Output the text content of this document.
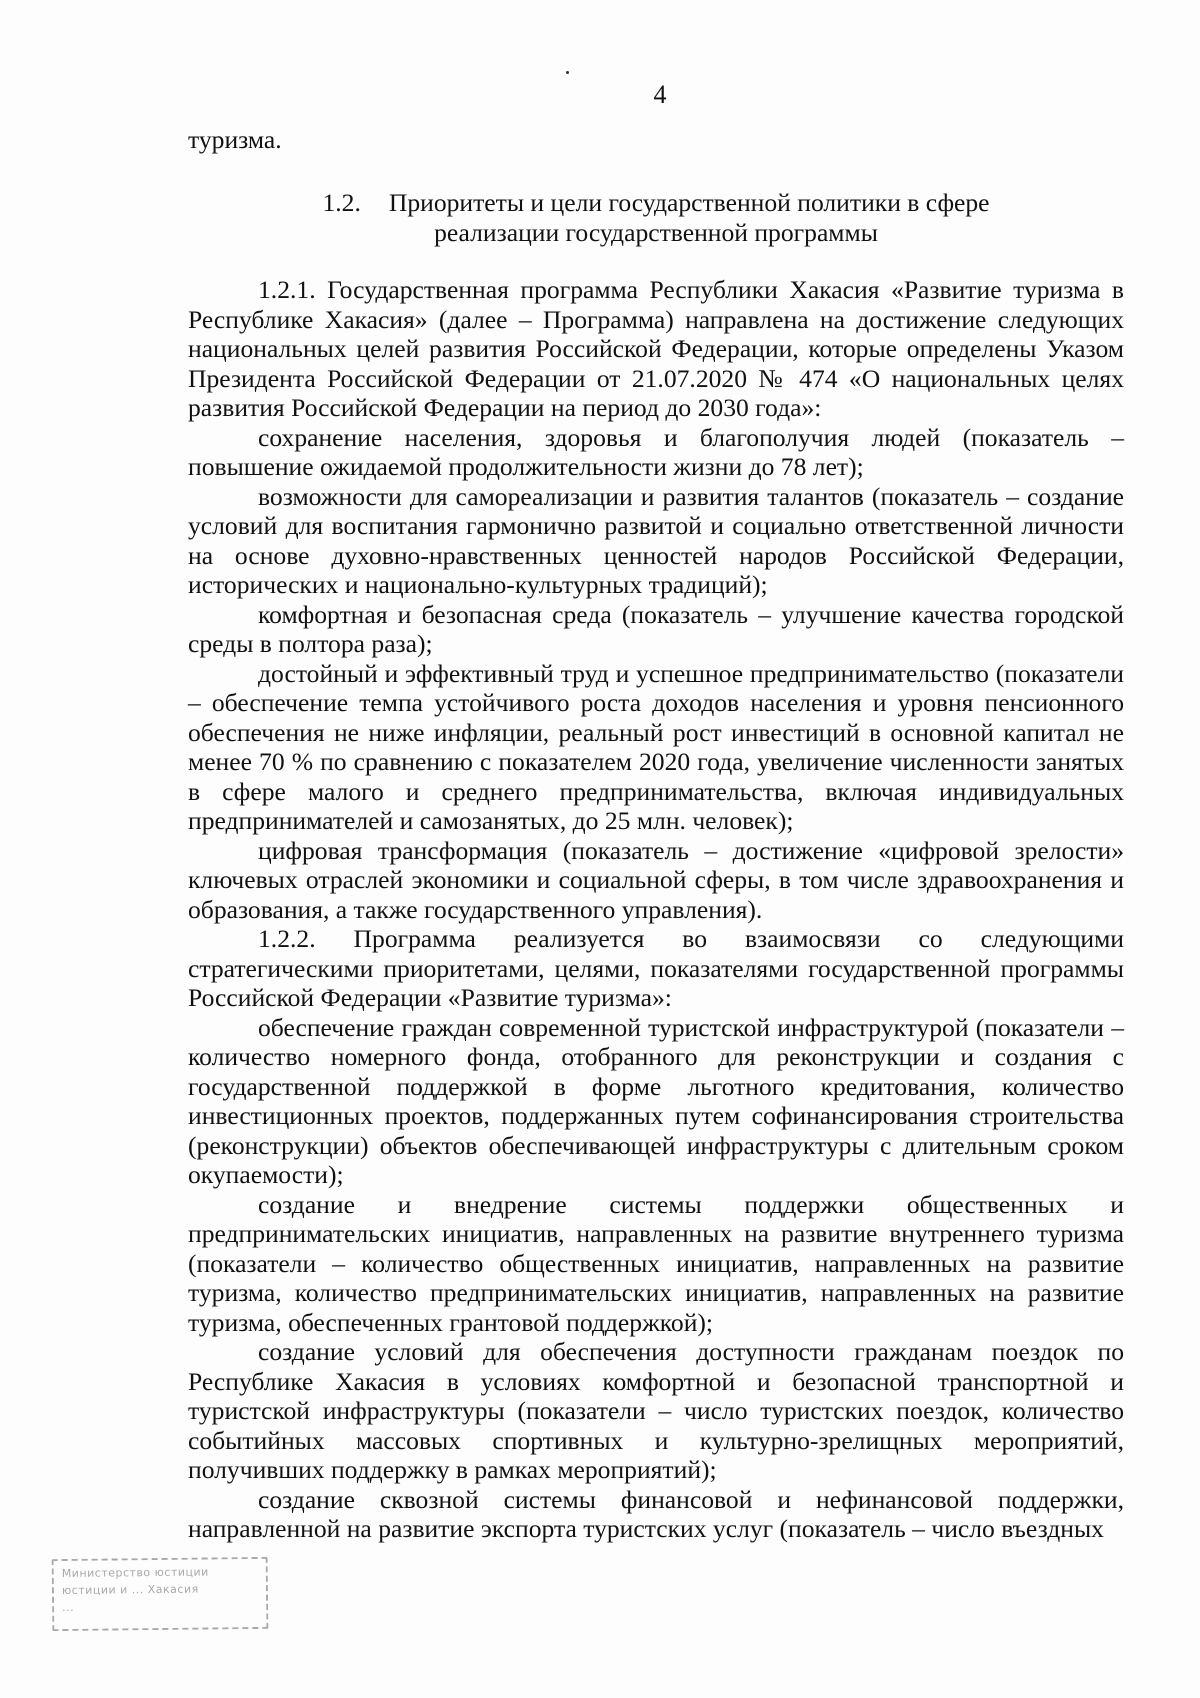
4
туризма.
1.2. Приоритеты и цели государственной политики в сфере
реализации государственной программы

1.2.1. Государственная программа Республики Хакасия «Развитие туризма в Республике Хакасия» (далее – Программа) направлена на достижение следующих национальных целей развития Российской Федерации, которые определены Указом Президента Российской Федерации от 21.07.2020 № 474 «О национальных целях развития Российской Федерации на период до 2030 года»:

сохранение населения, здоровья и благополучия людей (показатель – повышение ожидаемой продолжительности жизни до 78 лет);

возможности для самореализации и развития талантов (показатель – создание условий для воспитания гармонично развитой и социально ответственной личности на основе духовно-нравственных ценностей народов Российской Федерации, исторических и национально-культурных традиций);

комфортная и безопасная среда (показатель – улучшение качества городской среды в полтора раза);

достойный и эффективный труд и успешное предпринимательство (показатели – обеспечение темпа устойчивого роста доходов населения и уровня пенсионного обеспечения не ниже инфляции, реальный рост инвестиций в основной капитал не менее 70 % по сравнению с показателем 2020 года, увеличение численности занятых в сфере малого и среднего предпринимательства, включая индивидуальных предпринимателей и самозанятых, до 25 млн. человек);

цифровая трансформация (показатель – достижение «цифровой зрелости» ключевых отраслей экономики и социальной сферы, в том числе здравоохранения и образования, а также государственного управления).

1.2.2. Программа реализуется во взаимосвязи со следующими стратегическими приоритетами, целями, показателями государственной программы Российской Федерации «Развитие туризма»:

обеспечение граждан современной туристской инфраструктурой (показатели – количество номерного фонда, отобранного для реконструкции и создания с государственной поддержкой в форме льготного кредитования, количество инвестиционных проектов, поддержанных путем софинансирования строительства (реконструкции) объектов обеспечивающей инфраструктуры с длительным сроком окупаемости);

создание и внедрение системы поддержки общественных и предпринимательских инициатив, направленных на развитие внутреннего туризма (показатели – количество общественных инициатив, направленных на развитие туризма, количество предпринимательских инициатив, направленных на развитие туризма, обеспеченных грантовой поддержкой);

создание условий для обеспечения доступности гражданам поездок по Республике Хакасия в условиях комфортной и безопасной транспортной и туристской инфраструктуры (показатели – число туристских поездок, количество событийных массовых спортивных и культурно-зрелищных мероприятий, получивших поддержку в рамках мероприятий);

создание сквозной системы финансовой и нефинансовой поддержки, направленной на развитие экспорта туристских услуг (показатель – число въездных

Министерство юстиции
юстиции и ... Хакасия
...
